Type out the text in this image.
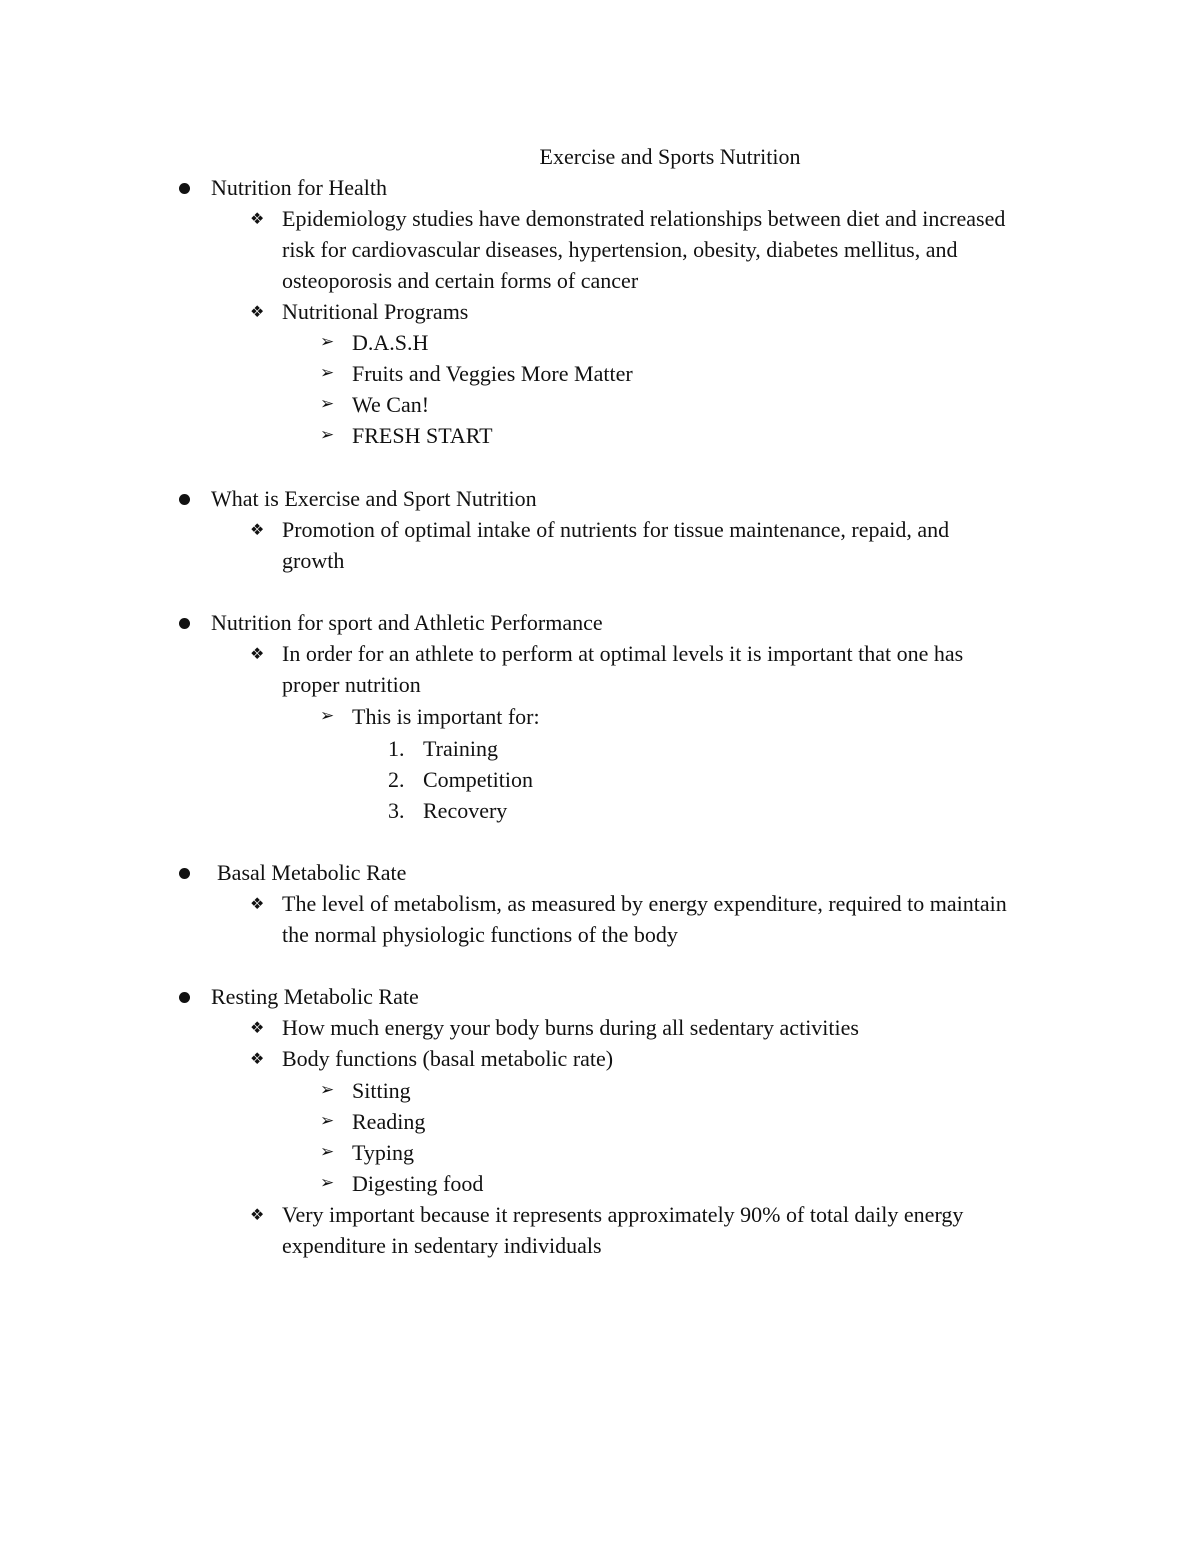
Exercise and Sports Nutrition
Nutrition for Health
❖ Epidemiology studies have demonstrated relationships between diet and increased
risk for cardiovascular diseases, hypertension, obesity, diabetes mellitus, and
osteoporosis and certain forms of cancer
❖ Nutritional Programs
➢ D.A.S.H
➢ Fruits and Veggies More Matter
➢ We Can!
➢ FRESH START
What is Exercise and Sport Nutrition
❖ Promotion of optimal intake of nutrients for tissue maintenance, repaid, and
growth
Nutrition for sport and Athletic Performance
❖ In order for an athlete to perform at optimal levels it is important that one has
proper nutrition
➢ This is important for:
1. Training
2. Competition
3. Recovery
Basal Metabolic Rate
❖ The level of metabolism, as measured by energy expenditure, required to maintain
the normal physiologic functions of the body
Resting Metabolic Rate
❖ How much energy your body burns during all sedentary activities
❖ Body functions (basal metabolic rate)
➢ Sitting
➢ Reading
➢ Typing
➢ Digesting food
❖ Very important because it represents approximately 90% of total daily energy
expenditure in sedentary individuals
